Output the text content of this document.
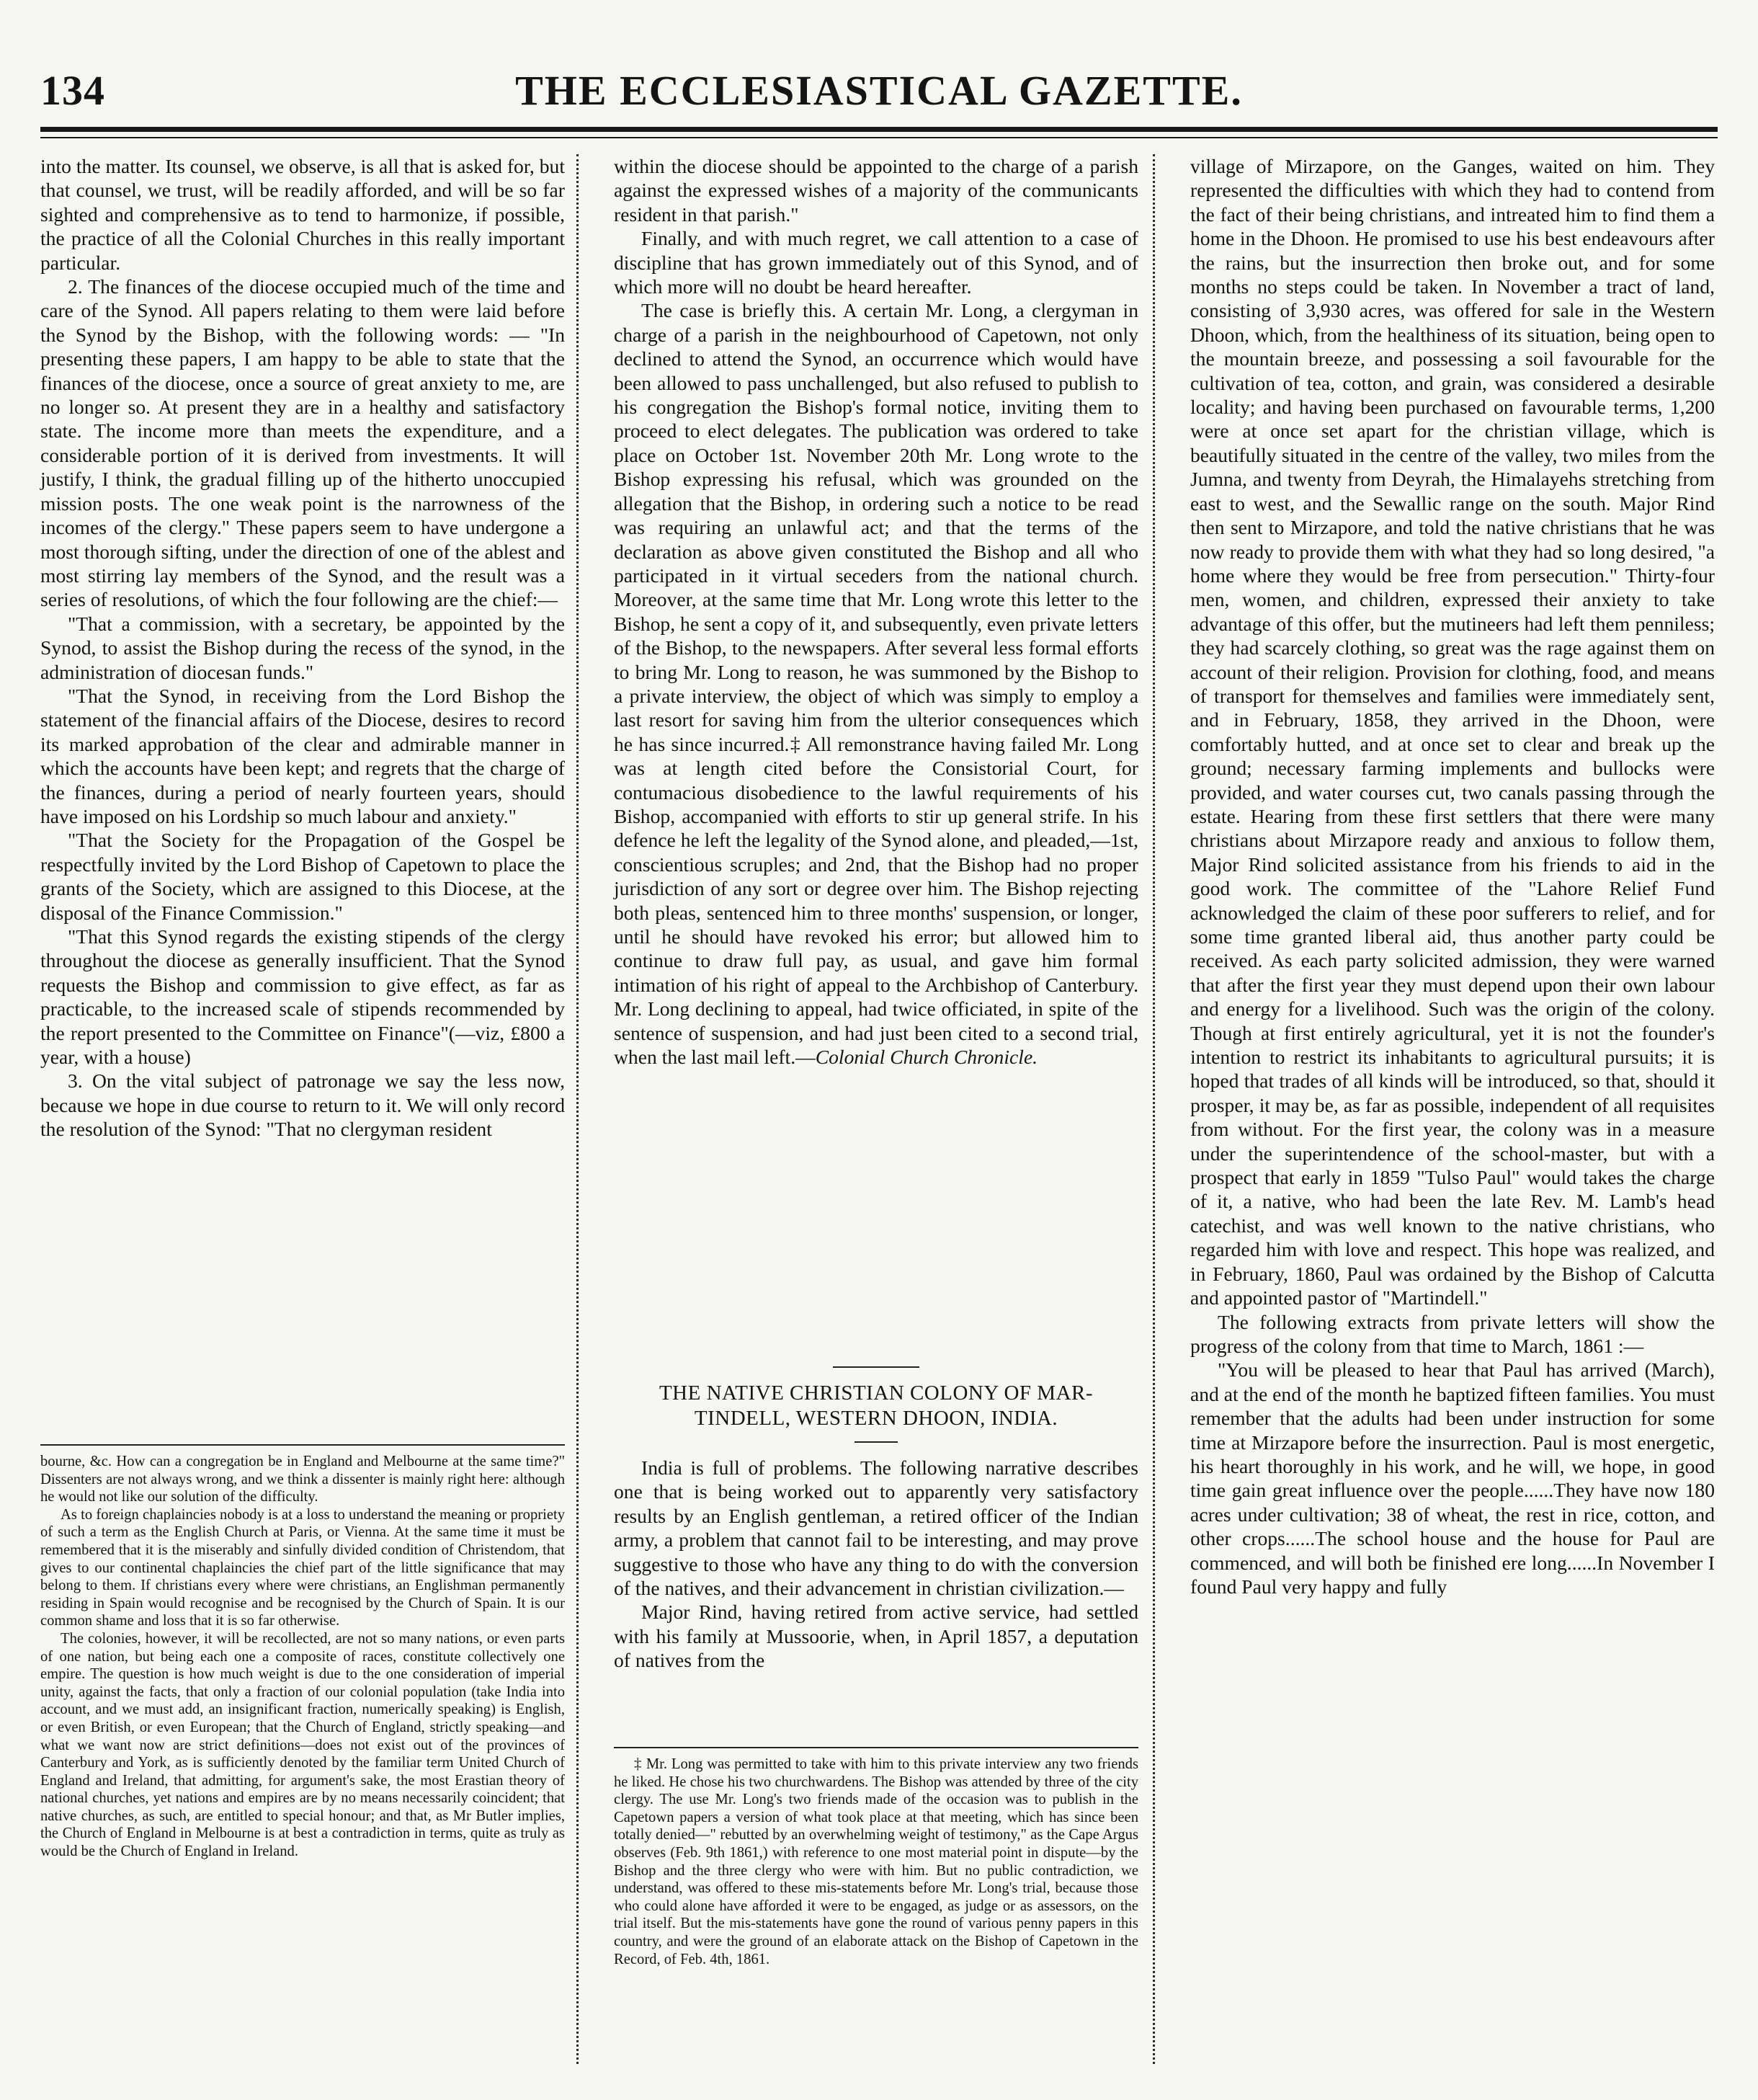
134	THE ECCLESIASTICAL GAZETTE.

into the matter. Its counsel, we observe, is all that is asked for, but that counsel, we trust, will be readily afforded, and will be so far sighted and comprehensive as to tend to harmonize, if possible, the practice of all the Colonial Churches in this really important particular.

2. The finances of the diocese occupied much of the time and care of the Synod. All papers relating to them were laid before the Synod by the Bishop, with the following words: — "In presenting these papers, I am happy to be able to state that the finances of the diocese, once a source of great anxiety to me, are no longer so. At present they are in a healthy and satisfactory state. The income more than meets the expenditure, and a considerable portion of it is derived from investments. It will justify, I think, the gradual filling up of the hitherto unoccupied mission posts. The one weak point is the narrowness of the incomes of the clergy." These papers seem to have undergone a most thorough sifting, under the direction of one of the ablest and most stirring lay members of the Synod, and the result was a series of resolutions, of which the four following are the chief:—

"That a commission, with a secretary, be appointed by the Synod, to assist the Bishop during the recess of the synod, in the administration of diocesan funds."

"That the Synod, in receiving from the Lord Bishop the statement of the financial affairs of the Diocese, desires to record its marked approbation of the clear and admirable manner in which the accounts have been kept; and regrets that the charge of the finances, during a period of nearly fourteen years, should have imposed on his Lordship so much labour and anxiety."

"That the Society for the Propagation of the Gospel be respectfully invited by the Lord Bishop of Capetown to place the grants of the Society, which are assigned to this Diocese, at the disposal of the Finance Commission."

"That this Synod regards the existing stipends of the clergy throughout the diocese as generally insufficient. That the Synod requests the Bishop and commission to give effect, as far as practicable, to the increased scale of stipends recommended by the report presented to the Committee on Finance"(—viz, £800 a year, with a house)

3. On the vital subject of patronage we say the less now, because we hope in due course to return to it. We will only record the resolution of the Synod: "That no clergyman resident

bourne, &c. How can a congregation be in England and Melbourne at the same time?" Dissenters are not always wrong, and we think a dissenter is mainly right here: although he would not like our solution of the difficulty.

As to foreign chaplaincies nobody is at a loss to understand the meaning or propriety of such a term as the English Church at Paris, or Vienna. At the same time it must be remembered that it is the miserably and sinfully divided condition of Christendom, that gives to our continental chaplaincies the chief part of the little significance that may belong to them. If christians every where were christians, an Englishman permanently residing in Spain would recognise and be recognised by the Church of Spain. It is our common shame and loss that it is so far otherwise.

The colonies, however, it will be recollected, are not so many nations, or even parts of one nation, but being each one a composite of races, constitute collectively one empire. The question is how much weight is due to the one consideration of imperial unity, against the facts, that only a fraction of our colonial population (take India into account, and we must add, an insignificant fraction, numerically speaking) is English, or even British, or even European; that the Church of England, strictly speaking—and what we want now are strict definitions—does not exist out of the provinces of Canterbury and York, as is sufficiently denoted by the familiar term United Church of England and Ireland, that admitting, for argument's sake, the most Erastian theory of national churches, yet nations and empires are by no means necessarily coincident; that native churches, as such, are entitled to special honour; and that, as Mr Butler implies, the Church of England in Melbourne is at best a contradiction in terms, quite as truly as would be the Church of England in Ireland.

within the diocese should be appointed to the charge of a parish against the expressed wishes of a majority of the communicants resident in that parish."

Finally, and with much regret, we call attention to a case of discipline that has grown immediately out of this Synod, and of which more will no doubt be heard hereafter.

The case is briefly this. A certain Mr. Long, a clergyman in charge of a parish in the neighbourhood of Capetown, not only declined to attend the Synod, an occurrence which would have been allowed to pass unchallenged, but also refused to publish to his congregation the Bishop's formal notice, inviting them to proceed to elect delegates. The publication was ordered to take place on October 1st. November 20th Mr. Long wrote to the Bishop expressing his refusal, which was grounded on the allegation that the Bishop, in ordering such a notice to be read was requiring an unlawful act; and that the terms of the declaration as above given constituted the Bishop and all who participated in it virtual seceders from the national church. Moreover, at the same time that Mr. Long wrote this letter to the Bishop, he sent a copy of it, and subsequently, even private letters of the Bishop, to the newspapers. After several less formal efforts to bring Mr. Long to reason, he was summoned by the Bishop to a private interview, the object of which was simply to employ a last resort for saving him from the ulterior consequences which he has since incurred.‡ All remonstrance having failed Mr. Long was at length cited before the Consistorial Court, for contumacious disobedience to the lawful requirements of his Bishop, accompanied with efforts to stir up general strife. In his defence he left the legality of the Synod alone, and pleaded,—1st, conscientious scruples; and 2nd, that the Bishop had no proper jurisdiction of any sort or degree over him. The Bishop rejecting both pleas, sentenced him to three months' suspension, or longer, until he should have revoked his error; but allowed him to continue to draw full pay, as usual, and gave him formal intimation of his right of appeal to the Archbishop of Canterbury. Mr. Long declining to appeal, had twice officiated, in spite of the sentence of suspension, and had just been cited to a second trial, when the last mail left.—Colonial Church Chronicle.

THE NATIVE CHRISTIAN COLONY OF MAR-
TINDELL, WESTERN DHOON, INDIA.

India is full of problems. The following narrative describes one that is being worked out to apparently very satisfactory results by an English gentleman, a retired officer of the Indian army, a problem that cannot fail to be interesting, and may prove suggestive to those who have any thing to do with the conversion of the natives, and their advancement in christian civilization.—

Major Rind, having retired from active service, had settled with his family at Mussoorie, when, in April 1857, a deputation of natives from the

‡ Mr. Long was permitted to take with him to this private interview any two friends he liked. He chose his two churchwardens. The Bishop was attended by three of the city clergy. The use Mr. Long's two friends made of the occasion was to publish in the Capetown papers a version of what took place at that meeting, which has since been totally denied—" rebutted by an overwhelming weight of testimony," as the Cape Argus observes (Feb. 9th 1861,) with reference to one most material point in dispute—by the Bishop and the three clergy who were with him. But no public contradiction, we understand, was offered to these mis-statements before Mr. Long's trial, because those who could alone have afforded it were to be engaged, as judge or as assessors, on the trial itself. But the mis-statements have gone the round of various penny papers in this country, and were the ground of an elaborate attack on the Bishop of Capetown in the Record, of Feb. 4th, 1861.

village of Mirzapore, on the Ganges, waited on him. They represented the difficulties with which they had to contend from the fact of their being christians, and intreated him to find them a home in the Dhoon. He promised to use his best endeavours after the rains, but the insurrection then broke out, and for some months no steps could be taken. In November a tract of land, consisting of 3,930 acres, was offered for sale in the Western Dhoon, which, from the healthiness of its situation, being open to the mountain breeze, and possessing a soil favourable for the cultivation of tea, cotton, and grain, was considered a desirable locality; and having been purchased on favourable terms, 1,200 were at once set apart for the christian village, which is beautifully situated in the centre of the valley, two miles from the Jumna, and twenty from Deyrah, the Himalayehs stretching from east to west, and the Sewallic range on the south. Major Rind then sent to Mirzapore, and told the native christians that he was now ready to provide them with what they had so long desired, "a home where they would be free from persecution." Thirty-four men, women, and children, expressed their anxiety to take advantage of this offer, but the mutineers had left them penniless; they had scarcely clothing, so great was the rage against them on account of their religion. Provision for clothing, food, and means of transport for themselves and families were immediately sent, and in February, 1858, they arrived in the Dhoon, were comfortably hutted, and at once set to clear and break up the ground; necessary farming implements and bullocks were provided, and water courses cut, two canals passing through the estate. Hearing from these first settlers that there were many christians about Mirzapore ready and anxious to follow them, Major Rind solicited assistance from his friends to aid in the good work. The committee of the "Lahore Relief Fund acknowledged the claim of these poor sufferers to relief, and for some time granted liberal aid, thus another party could be received. As each party solicited admission, they were warned that after the first year they must depend upon their own labour and energy for a livelihood. Such was the origin of the colony. Though at first entirely agricultural, yet it is not the founder's intention to restrict its inhabitants to agricultural pursuits; it is hoped that trades of all kinds will be introduced, so that, should it prosper, it may be, as far as possible, independent of all requisites from without. For the first year, the colony was in a measure under the superintendence of the school-master, but with a prospect that early in 1859 "Tulso Paul" would takes the charge of it, a native, who had been the late Rev. M. Lamb's head catechist, and was well known to the native christians, who regarded him with love and respect. This hope was realized, and in February, 1860, Paul was ordained by the Bishop of Calcutta and appointed pastor of "Martindell."

The following extracts from private letters will show the progress of the colony from that time to March, 1861 :—

"You will be pleased to hear that Paul has arrived (March), and at the end of the month he baptized fifteen families. You must remember that the adults had been under instruction for some time at Mirzapore before the insurrection. Paul is most energetic, his heart thoroughly in his work, and he will, we hope, in good time gain great influence over the people......They have now 180 acres under cultivation; 38 of wheat, the rest in rice, cotton, and other crops......The school house and the house for Paul are commenced, and will both be finished ere long......In November I found Paul very happy and fully
